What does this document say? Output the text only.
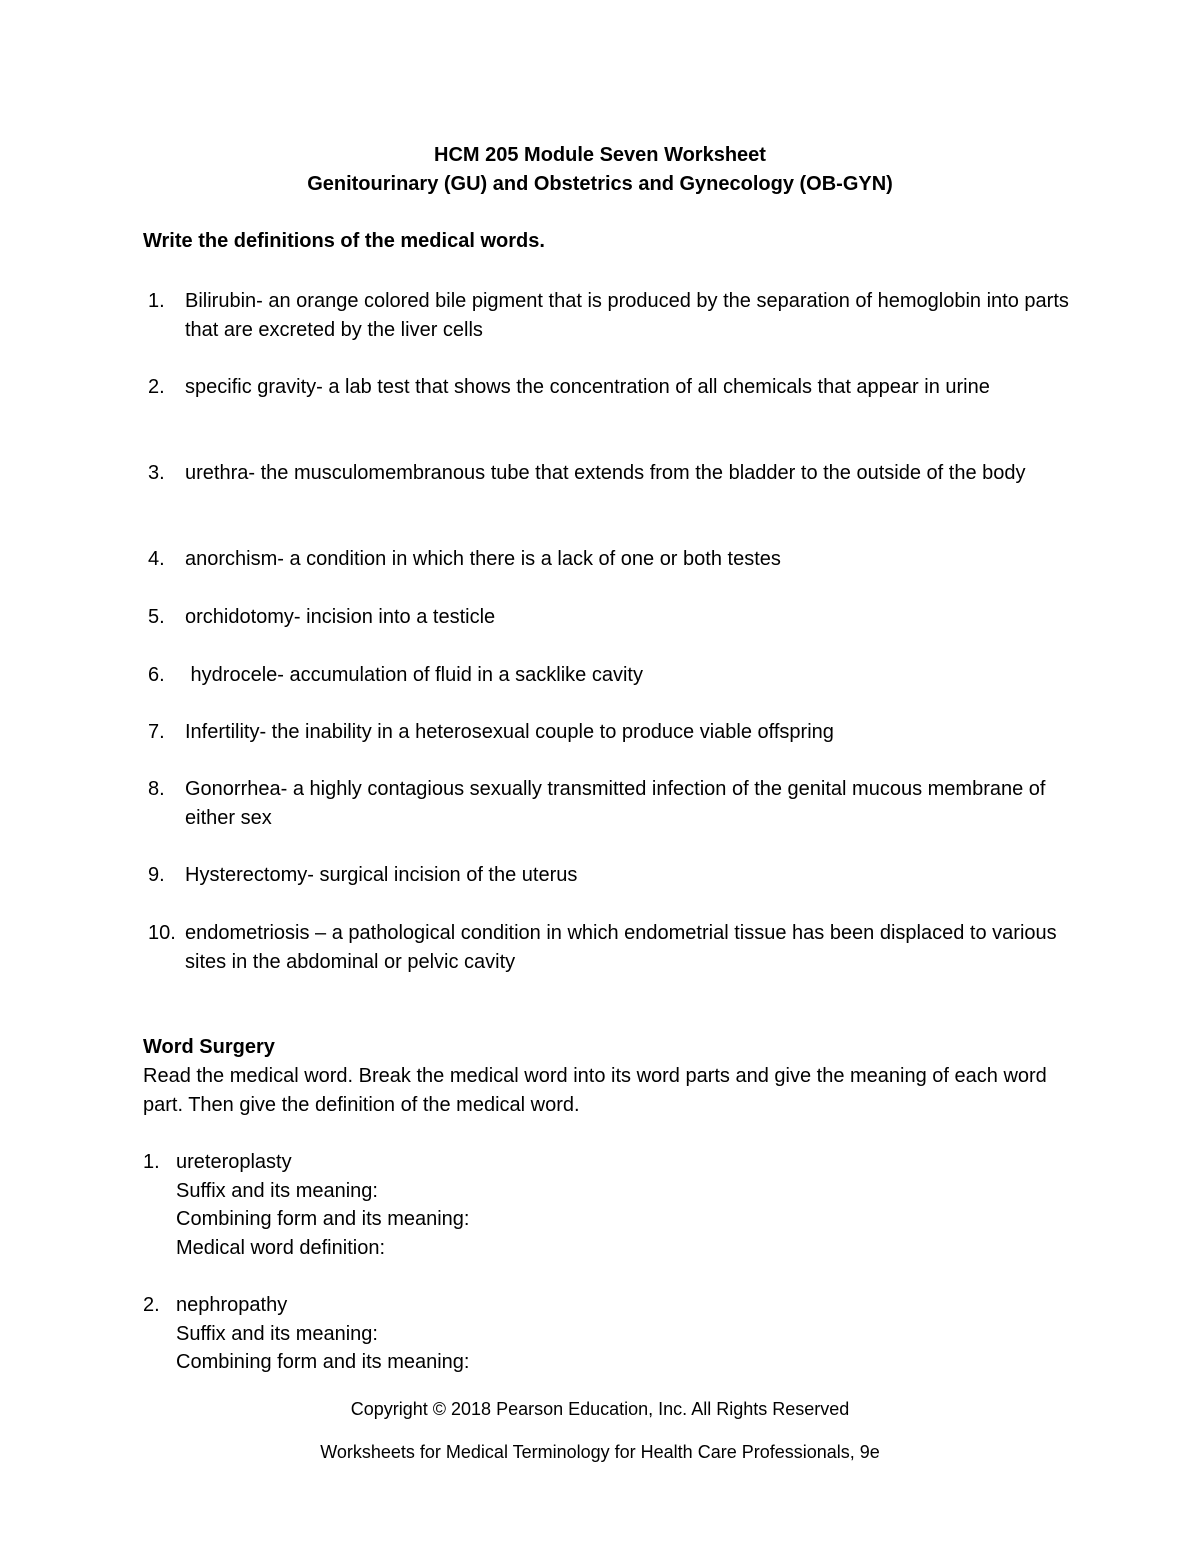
HCM 205 Module Seven Worksheet
Genitourinary (GU) and Obstetrics and Gynecology (OB-GYN)
Write the definitions of the medical words.
1.	Bilirubin- an orange colored bile pigment that is produced by the separation of hemoglobin into parts that are excreted by the liver cells
2.	specific gravity- a lab test that shows the concentration of all chemicals that appear in urine
3.	urethra- the musculomembranous tube that extends from the bladder to the outside of the body
4.	anorchism- a condition in which there is a lack of one or both testes
5.	orchidotomy- incision into a testicle
6.	hydrocele- accumulation of fluid in a sacklike cavity
7.	Infertility- the inability in a heterosexual couple to produce viable offspring
8.	Gonorrhea- a highly contagious sexually transmitted infection of the genital mucous membrane of either sex
9.	Hysterectomy- surgical incision of the uterus
10. endometriosis – a pathological condition in which endometrial tissue has been displaced to various sites in the abdominal or pelvic cavity
Word Surgery
Read the medical word. Break the medical word into its word parts and give the meaning of each word part. Then give the definition of the medical word.
1. ureteroplasty
Suffix and its meaning:
Combining form and its meaning:
Medical word definition:
2. nephropathy
Suffix and its meaning:
Combining form and its meaning:
Copyright © 2018 Pearson Education, Inc. All Rights Reserved
Worksheets for Medical Terminology for Health Care Professionals, 9e
